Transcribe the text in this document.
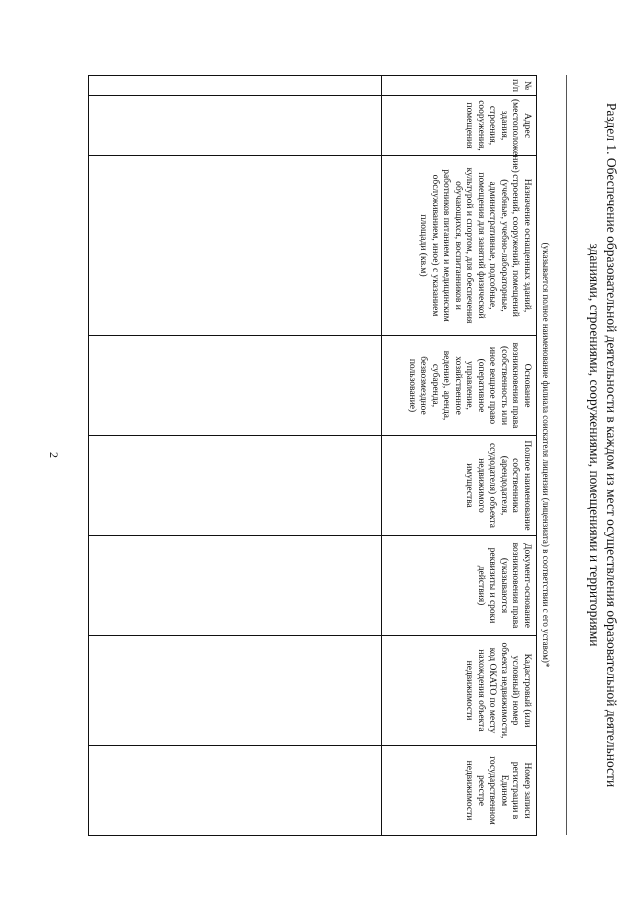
2	Раздел 1. Обеспечение образовательной деятельности в каждом из мест осуществления образовательной деятельности
зданиями, строениями, сооружениями, помещениями и территориями
(указывается полное наименование филиала соискателя лицензии (лицензиата) в соответствии с его уставом)*
№ п/п	Адрес (местоположение) здания, строения, сооружения, помещения	Назначение оснащенных зданий, строений, сооружений, помещений (учебные, учебно-лабораторные, административные, подсобные, помещения для занятий физической культурой и спортом, для обеспечения обучающихся, воспитанников и работников питанием и медицинским обслуживанием, иное) с указанием площади (кв.м)	Основание возникновения права (собственность или иное вещное право (оперативное управление, хозяйственное ведение), аренда, субаренда, безвозмездное пользование)	Полное наименование собственника (арендодателя, ссудодателя) объекта недвижимого имущества	Документ-основание возникновения права (указываются реквизиты и сроки действия)	Кадастровый (или условный) номер объекта недвижимости, код ОКАТО по месту нахождения объекта недвижимости	Номер записи регистрации в Едином государственном реестре недвижимости
